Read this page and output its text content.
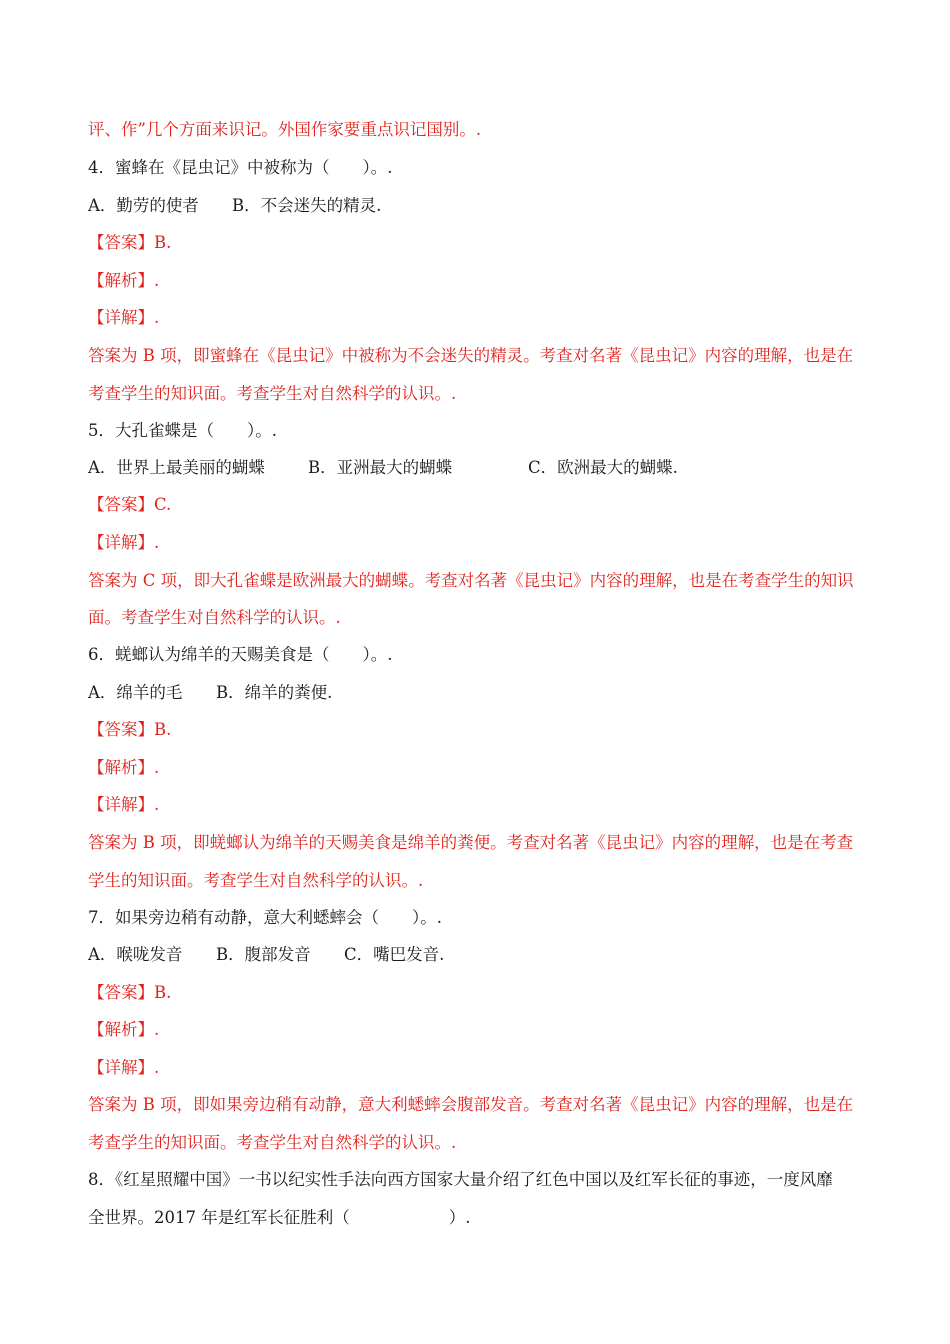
评、作”几个方面来识记。外国作家要重点识记国别。.
4．蜜蜂在《昆虫记》中被称为（　　）。.
A．勤劳的使者 B．不会迷失的精灵.
【答案】B.
【解析】.
【详解】.
答案为 B 项，即蜜蜂在《昆虫记》中被称为不会迷失的精灵。考查对名著《昆虫记》内容的理解，也是在
考查学生的知识面。考查学生对自然科学的认识。.
5．大孔雀蝶是（　　）。.
A．世界上最美丽的蝴蝶	B．亚洲最大的蝴蝶	C．欧洲最大的蝴蝶.
【答案】C.
【详解】.
答案为 C 项，即大孔雀蝶是欧洲最大的蝴蝶。考查对名著《昆虫记》内容的理解，也是在考查学生的知识
面。考查学生对自然科学的认识。.
6．蜣螂认为绵羊的天赐美食是（　　）。.
A．绵羊的毛 B．绵羊的粪便.
【答案】B.
【解析】.
【详解】.
答案为 B 项，即蜣螂认为绵羊的天赐美食是绵羊的粪便。考查对名著《昆虫记》内容的理解，也是在考查
学生的知识面。考查学生对自然科学的认识。.
7．如果旁边稍有动静，意大利蟋蟀会（　　）。.
A．喉咙发音 B．腹部发音 C．嘴巴发音.
【答案】B.
【解析】.
【详解】.
答案为 B 项，即如果旁边稍有动静，意大利蟋蟀会腹部发音。考查对名著《昆虫记》内容的理解，也是在
考查学生的知识面。考查学生对自然科学的认识。.
8．《红星照耀中国》一书以纪实性手法向西方国家大量介绍了红色中国以及红军长征的事迹，一度风靡
全世界。2017 年是红军长征胜利（　　　　　　）.
